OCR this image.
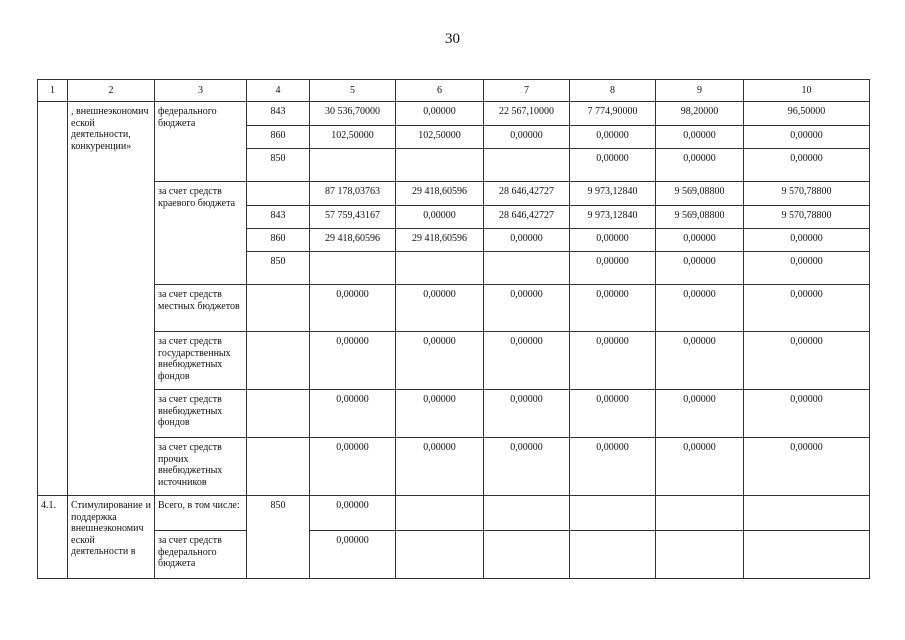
30
1	2	3	4	5	6	7	8	9	10
	, внешнеэкономич еской деятельности, конкуренции»	федерального бюджета	843	30 536,70000	0,00000	22 567,10000	7 774,90000	98,20000	96,50000
			860	102,50000	102,50000	0,00000	0,00000	0,00000	0,00000
			850				0,00000	0,00000	0,00000
		за счет средств краевого бюджета		87 178,03763	29 418,60596	28 646,42727	9 973,12840	9 569,08800	9 570,78800
			843	57 759,43167	0,00000	28 646,42727	9 973,12840	9 569,08800	9 570,78800
			860	29 418,60596	29 418,60596	0,00000	0,00000	0,00000	0,00000
			850				0,00000	0,00000	0,00000
		за счет средств местных бюджетов		0,00000	0,00000	0,00000	0,00000	0,00000	0,00000
		за счет средств государственных внебюджетных фондов		0,00000	0,00000	0,00000	0,00000	0,00000	0,00000
		за счет средств внебюджетных фондов		0,00000	0,00000	0,00000	0,00000	0,00000	0,00000
		за счет средств прочих внебюджетных источников		0,00000	0,00000	0,00000	0,00000	0,00000	0,00000
4.1.	Стимулирование и поддержка внешнеэкономич еской деятельности в	Всего, в том числе:	850	0,00000					
		за счет средств федерального бюджета		0,00000					
